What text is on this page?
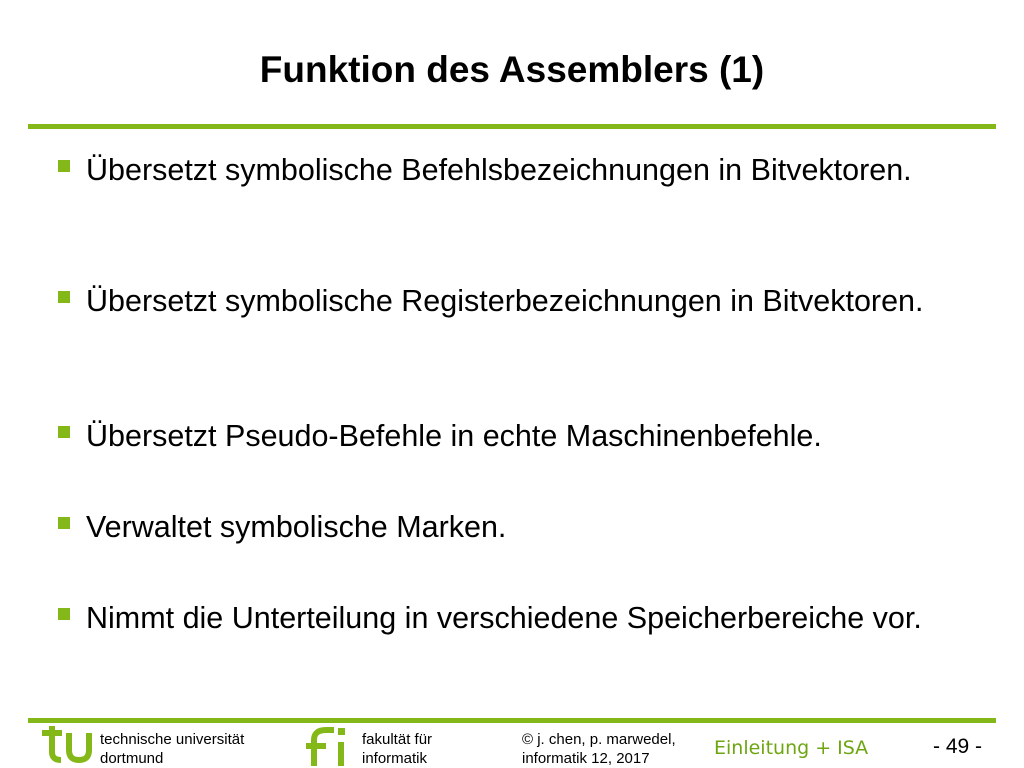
Funktion des Assemblers (1)
Übersetzt symbolische Befehlsbezeichnungen in Bitvektoren.
Übersetzt symbolische Registerbezeichnungen in Bitvektoren.
Übersetzt Pseudo-Befehle in echte Maschinenbefehle.
Verwaltet symbolische Marken.
Nimmt die Unterteilung in verschiedene Speicherbereiche vor.
technische universität
dortmund
fakultät für
informatik
© j. chen, p. marwedel,
informatik 12, 2017	Einleitung + ISA	- 49 -
